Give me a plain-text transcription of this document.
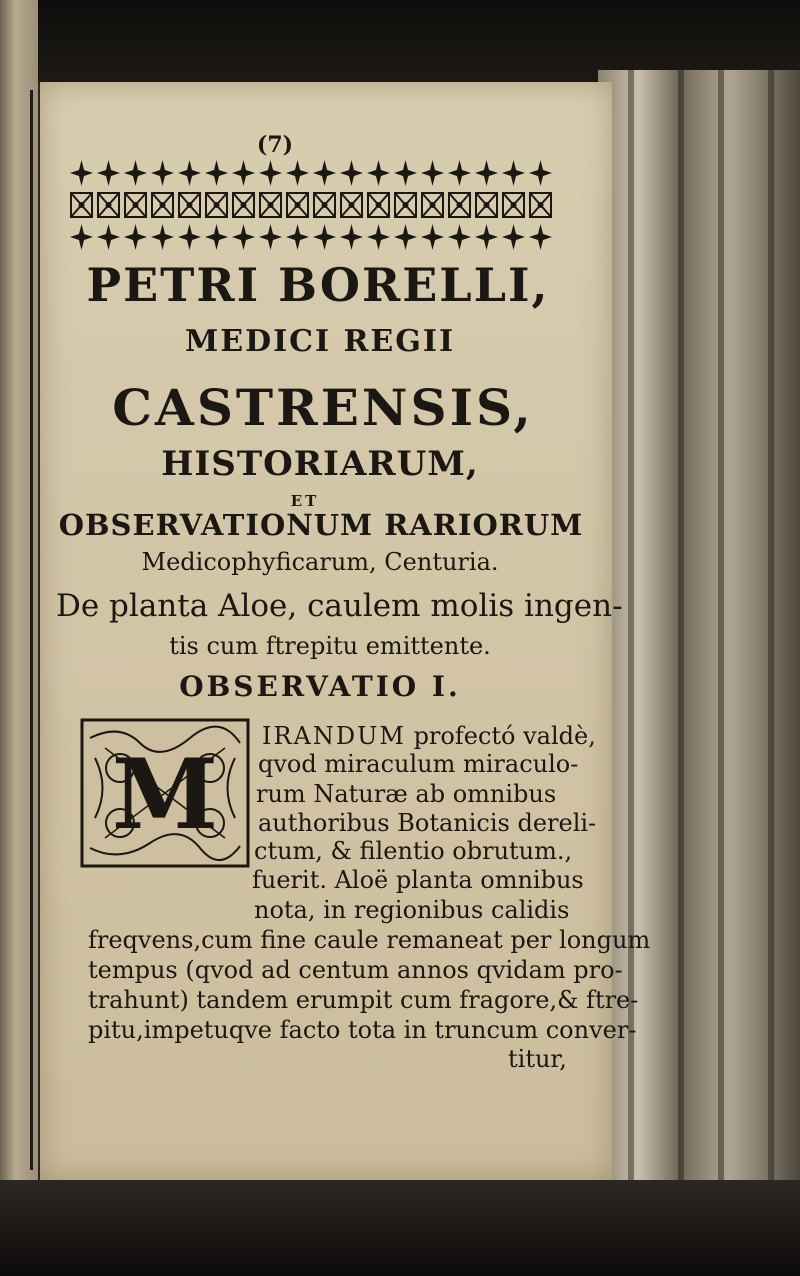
(7)
PETRI BORELLI,
MEDICI REGII
CASTRENSIS,
HISTORIARUM,
ET
OBSERVATIONUM RARIORUM
Medicophyficarum, Centuria.
De planta Aloe, caulem molis ingen-
tis cum ftrepitu emittente.
OBSERVATIO I.
M
IRANDUM profectó valdè,
qvod miraculum miraculo-
rum Naturæ ab omnibus
authoribus Botanicis dereli-
ctum, & filentio obrutum.,
fuerit. Aloë planta omnibus
nota, in regionibus calidis
freqvens,cum fine caule remaneat per longum
tempus (qvod ad centum annos qvidam pro-
trahunt) tandem erumpit cum fragore,& ftre-
pitu,impetuqve facto tota in truncum conver-
titur,
